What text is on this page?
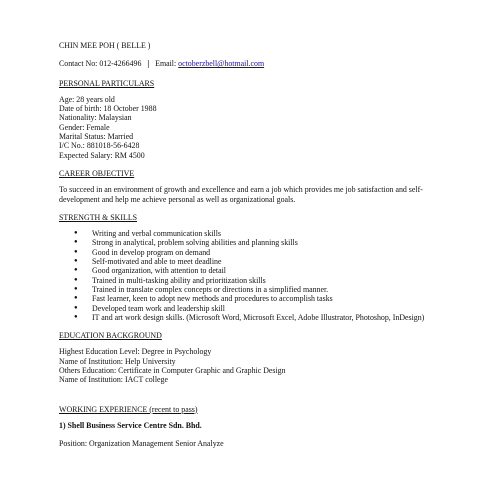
CHIN MEE POH ( BELLE )
Contact No: 012-4266496 | Email: octoberzbell@hotmail.com
PERSONAL PARTICULARS
Age: 28 years old
Date of birth: 18 October 1988
Nationality: Malaysian
Gender: Female
Marital Status: Married
I/C No.: 881018-56-6428
Expected Salary: RM 4500
CAREER OBJECTIVE
To succeed in an environment of growth and excellence and earn a job which provides me job satisfaction and self-development and help me achieve personal as well as organizational goals.
STRENGTH & SKILLS
● Writing and verbal communication skills
● Strong in analytical, problem solving abilities and planning skills
● Good in develop program on demand
● Self-motivated and able to meet deadline
● Good organization, with attention to detail
● Trained in multi-tasking ability and prioritization skills
● Trained in translate complex concepts or directions in a simplified manner.
● Fast learner, keen to adopt new methods and procedures to accomplish tasks
● Developed team work and leadership skill
● IT and art work design skills. (Microsoft Word, Microsoft Excel, Adobe Illustrator, Photoshop, InDesign)
EDUCATION BACKGROUND
Highest Education Level: Degree in Psychology
Name of Institution: Help University
Others Education: Certificate in Computer Graphic and Graphic Design
Name of Institution: IACT college
WORKING EXPERIENCE (recent to pass)
1) Shell Business Service Centre Sdn. Bhd.
Position: Organization Management Senior Analyze
